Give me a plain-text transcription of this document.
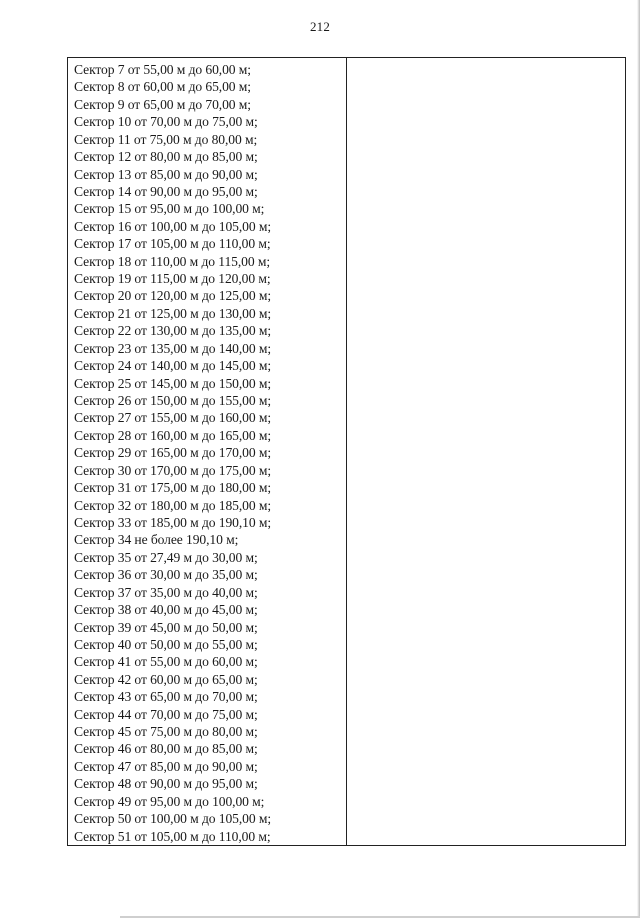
212
Сектор 7 от 55,00 м до 60,00 м;
Сектор 8 от 60,00 м до 65,00 м;
Сектор 9 от 65,00 м до 70,00 м;
Сектор 10 от 70,00 м до 75,00 м;
Сектор 11 от 75,00 м до 80,00 м;
Сектор 12 от 80,00 м до 85,00 м;
Сектор 13 от 85,00 м до 90,00 м;
Сектор 14 от 90,00 м до 95,00 м;
Сектор 15 от 95,00 м до 100,00 м;
Сектор 16 от 100,00 м до 105,00 м;
Сектор 17 от 105,00 м до 110,00 м;
Сектор 18 от 110,00 м до 115,00 м;
Сектор 19 от 115,00 м до 120,00 м;
Сектор 20 от 120,00 м до 125,00 м;
Сектор 21 от 125,00 м до 130,00 м;
Сектор 22 от 130,00 м до 135,00 м;
Сектор 23 от 135,00 м до 140,00 м;
Сектор 24 от 140,00 м до 145,00 м;
Сектор 25 от 145,00 м до 150,00 м;
Сектор 26 от 150,00 м до 155,00 м;
Сектор 27 от 155,00 м до 160,00 м;
Сектор 28 от 160,00 м до 165,00 м;
Сектор 29 от 165,00 м до 170,00 м;
Сектор 30 от 170,00 м до 175,00 м;
Сектор 31 от 175,00 м до 180,00 м;
Сектор 32 от 180,00 м до 185,00 м;
Сектор 33 от 185,00 м до 190,10 м;
Сектор 34 не более 190,10 м;
Сектор 35 от 27,49 м до 30,00 м;
Сектор 36 от 30,00 м до 35,00 м;
Сектор 37 от 35,00 м до 40,00 м;
Сектор 38 от 40,00 м до 45,00 м;
Сектор 39 от 45,00 м до 50,00 м;
Сектор 40 от 50,00 м до 55,00 м;
Сектор 41 от 55,00 м до 60,00 м;
Сектор 42 от 60,00 м до 65,00 м;
Сектор 43 от 65,00 м до 70,00 м;
Сектор 44 от 70,00 м до 75,00 м;
Сектор 45 от 75,00 м до 80,00 м;
Сектор 46 от 80,00 м до 85,00 м;
Сектор 47 от 85,00 м до 90,00 м;
Сектор 48 от 90,00 м до 95,00 м;
Сектор 49 от 95,00 м до 100,00 м;
Сектор 50 от 100,00 м до 105,00 м;
Сектор 51 от 105,00 м до 110,00 м;
